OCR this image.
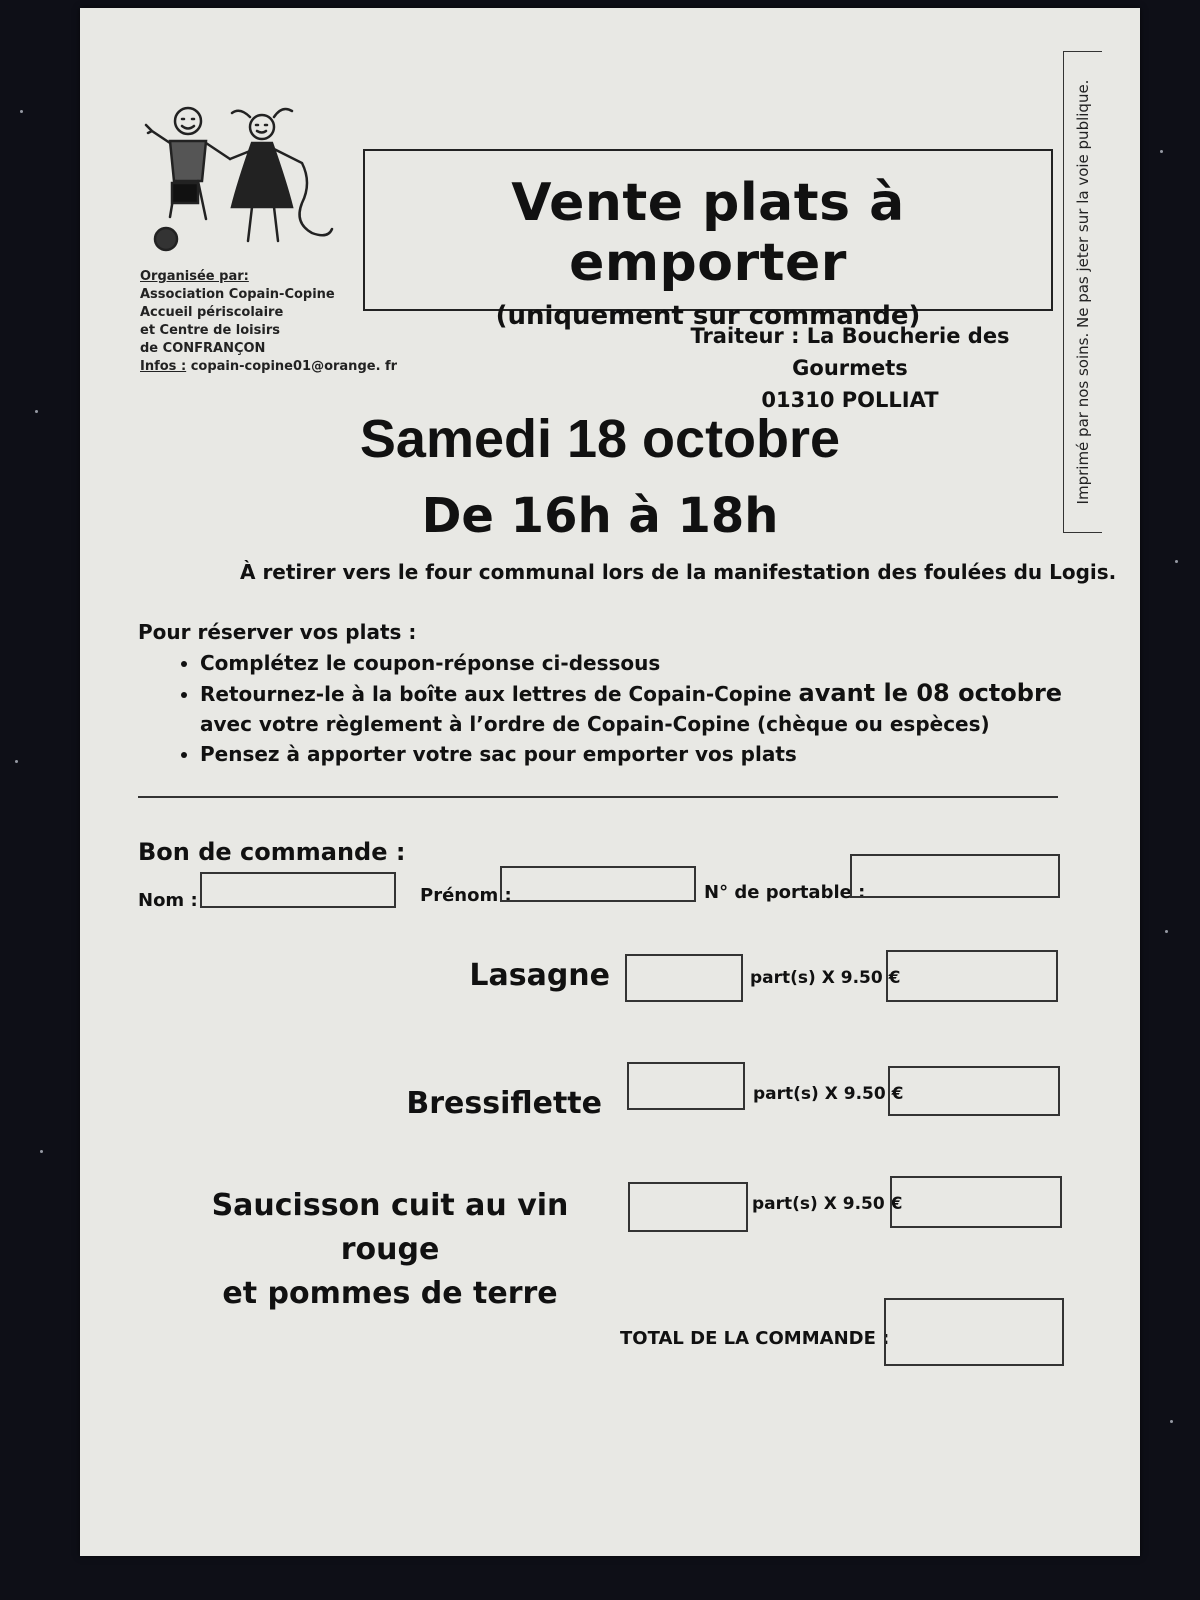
Organisée par:
Association Copain-Copine
Accueil périscolaire
et Centre de loisirs
de CONFRANÇON
Infos : copain-copine01@orange. fr
Vente plats à emporter
(uniquement sur commande)
Traiteur : La Boucherie des Gourmets
01310 POLLIAT	Imprimé par nos soins. Ne pas jeter sur la voie publique.
Samedi 18 octobre
De 16h à 18h
À retirer vers le four communal lors de la manifestation des foulées du Logis.
Pour réserver vos plats :
• Complétez le coupon-réponse ci-dessous
• Retournez-le à la boîte aux lettres de Copain-Copine avant le 08 octobre
avec votre règlement à l’ordre de Copain-Copine (chèque ou espèces)
• Pensez à apporter votre sac pour emporter vos plats
Bon de commande :
Nom :	Prénom :	N° de portable :
Lasagne	part(s) X 9.50 €
Bressiflette	part(s) X 9.50 €
Saucisson cuit au vin rouge
et pommes de terre
part(s) X 9.50 €
TOTAL DE LA COMMANDE :
